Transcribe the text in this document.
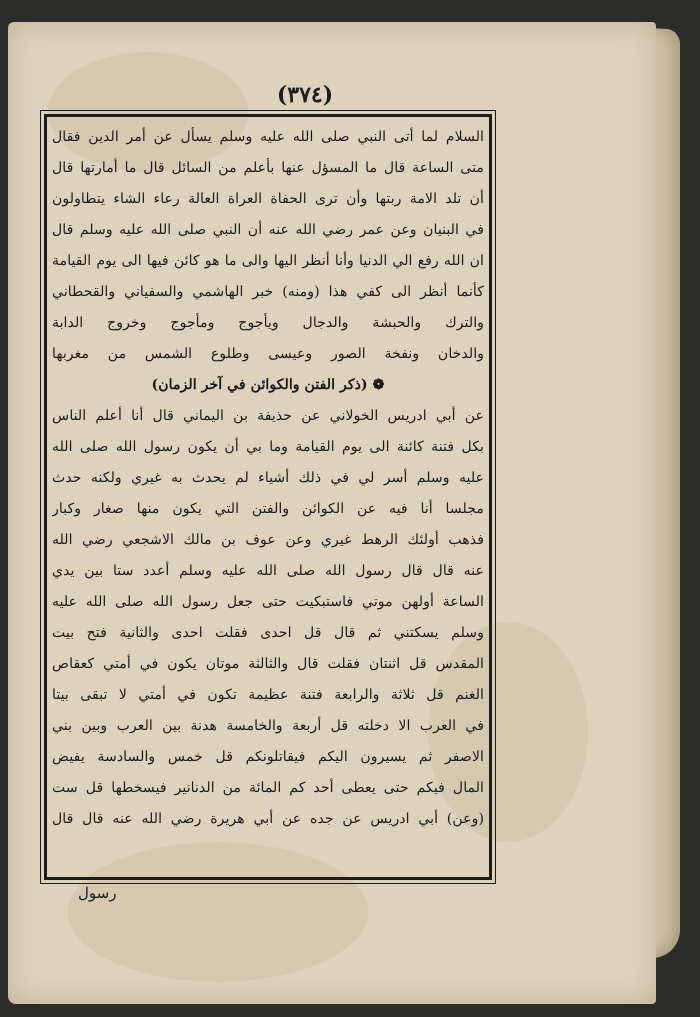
(٣٧٤)
السلام لما أتى النبي صلى الله عليه وسلم يسأل عن أمر الدين فقال
متى الساعة قال ما المسؤل عنها بأعلم من السائل قال ما أمارتها قال
أن تلد الامة ربتها وأن ترى الحفاة العراة العالة رعاء الشاء يتطاولون
في البنيان وعن عمر رضي الله عنه أن النبي صلى الله عليه وسلم قال
ان الله رفع الي الدنيا وأنا أنظر اليها والى ما هو كائن فيها الى يوم القيامة
كأنما أنظر الى كفي هذا (ومنه) خبر الهاشمي والسفياني والقحطاني
والترك والحبشة والدجال ويأجوج ومأجوج وخروج الدابة
والدخان ونفخة الصور وعيسى وطلوع الشمس من مغربها
❁ (ذكر الفتن والكوائن في آخر الزمان)
عن أبي ادريس الخولاني عن حذيفة بن اليماني قال أنا أعلم الناس
بكل فتنة كائنة الى يوم القيامة وما بي أن يكون رسول الله صلى الله
عليه وسلم أسر لي في ذلك أشياء لم يحدث به غيري ولكنه حدث
مجلسا أنا فيه عن الكوائن والفتن التي يكون منها صغار وكبار
فذهب أولئك الرهط غيري وعن عوف بن مالك الاشجعي رضي الله
عنه قال قال رسول الله صلى الله عليه وسلم أعدد ستا بين يدي
الساعة أولهن موتي فاستبكيت حتى جعل رسول الله صلى الله عليه
وسلم يسكتني ثم قال قل احدى فقلت احدى والثانية فتح بيت
المقدس قل اثنتان فقلت قال والثالثة موتان يكون في أمتي كعقاص
الغنم قل ثلاثة والرابعة فتنة عظيمة تكون في أمتي لا تبقى بيتا
في العرب الا دخلته قل أربعة والخامسة هدنة بين العرب وبين بني
الاصفر ثم يسيرون اليكم فيقاتلونكم قل خمس والسادسة يفيض
المال فيكم حتى يعطى أحد كم المائة من الدنانير فيسخطها قل ست
(وعن) أبي ادريس عن جده عن أبي هريرة رضي الله عنه قال قال
رسول
